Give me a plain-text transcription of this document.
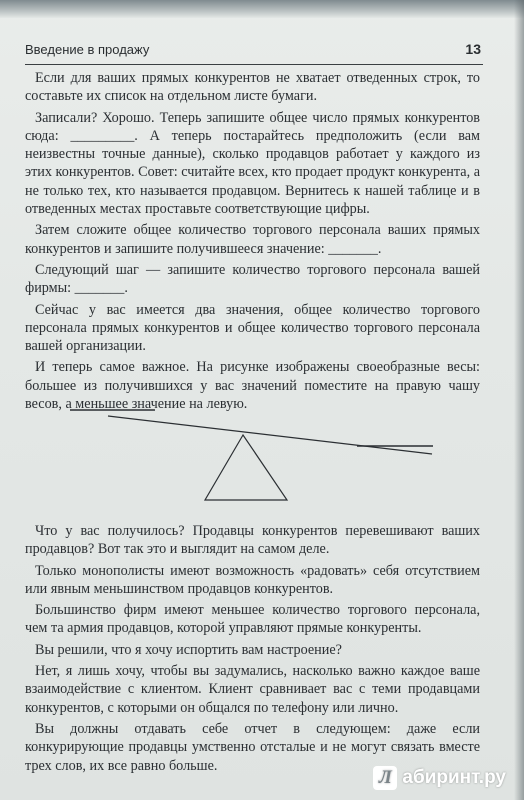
Введение в продажу	13

Если для ваших прямых конкурентов не хватает отведенных строк, то составьте их список на отдельном листе бумаги.

Записали? Хорошо. Теперь запишите общее число прямых конкурентов сюда: _________. А теперь постарайтесь предположить (если вам неизвестны точные данные), сколько продавцов работает у каждого из этих конкурентов. Совет: считайте всех, кто продает продукт конкурента, а не только тех, кто называется продавцом. Вернитесь к нашей таблице и в отведенных местах проставьте соответствующие цифры.

Затем сложите общее количество торгового персонала ваших прямых конкурентов и запишите получившееся значение: _______.

Следующий шаг — запишите количество торгового персонала вашей фирмы: _______.

Сейчас у вас имеется два значения, общее количество торгового персонала прямых конкурентов и общее количество торгового персонала вашей организации.

И теперь самое важное. На рисунке изображены своеобразные весы: большее из получившихся у вас значений поместите на правую чашу весов, а меньшее значение на левую.

Что у вас получилось? Продавцы конкурентов перевешивают ваших продавцов? Вот так это и выглядит на самом деле.

Только монополисты имеют возможность «радовать» себя отсутствием или явным меньшинством продавцов конкурентов.

Большинство фирм имеют меньшее количество торгового персонала, чем та армия продавцов, которой управляют прямые конкуренты.

Вы решили, что я хочу испортить вам настроение?

Нет, я лишь хочу, чтобы вы задумались, насколько важно каждое ваше взаимодействие с клиентом. Клиент сравнивает вас с теми продавцами конкурентов, с которыми он общался по телефону или лично.

Вы должны отдавать себе отчет в следующем: даже если конкурирующие продавцы умственно отсталые и не могут связать вместе трех слов, их все равно больше.

Л абиринт.ру
